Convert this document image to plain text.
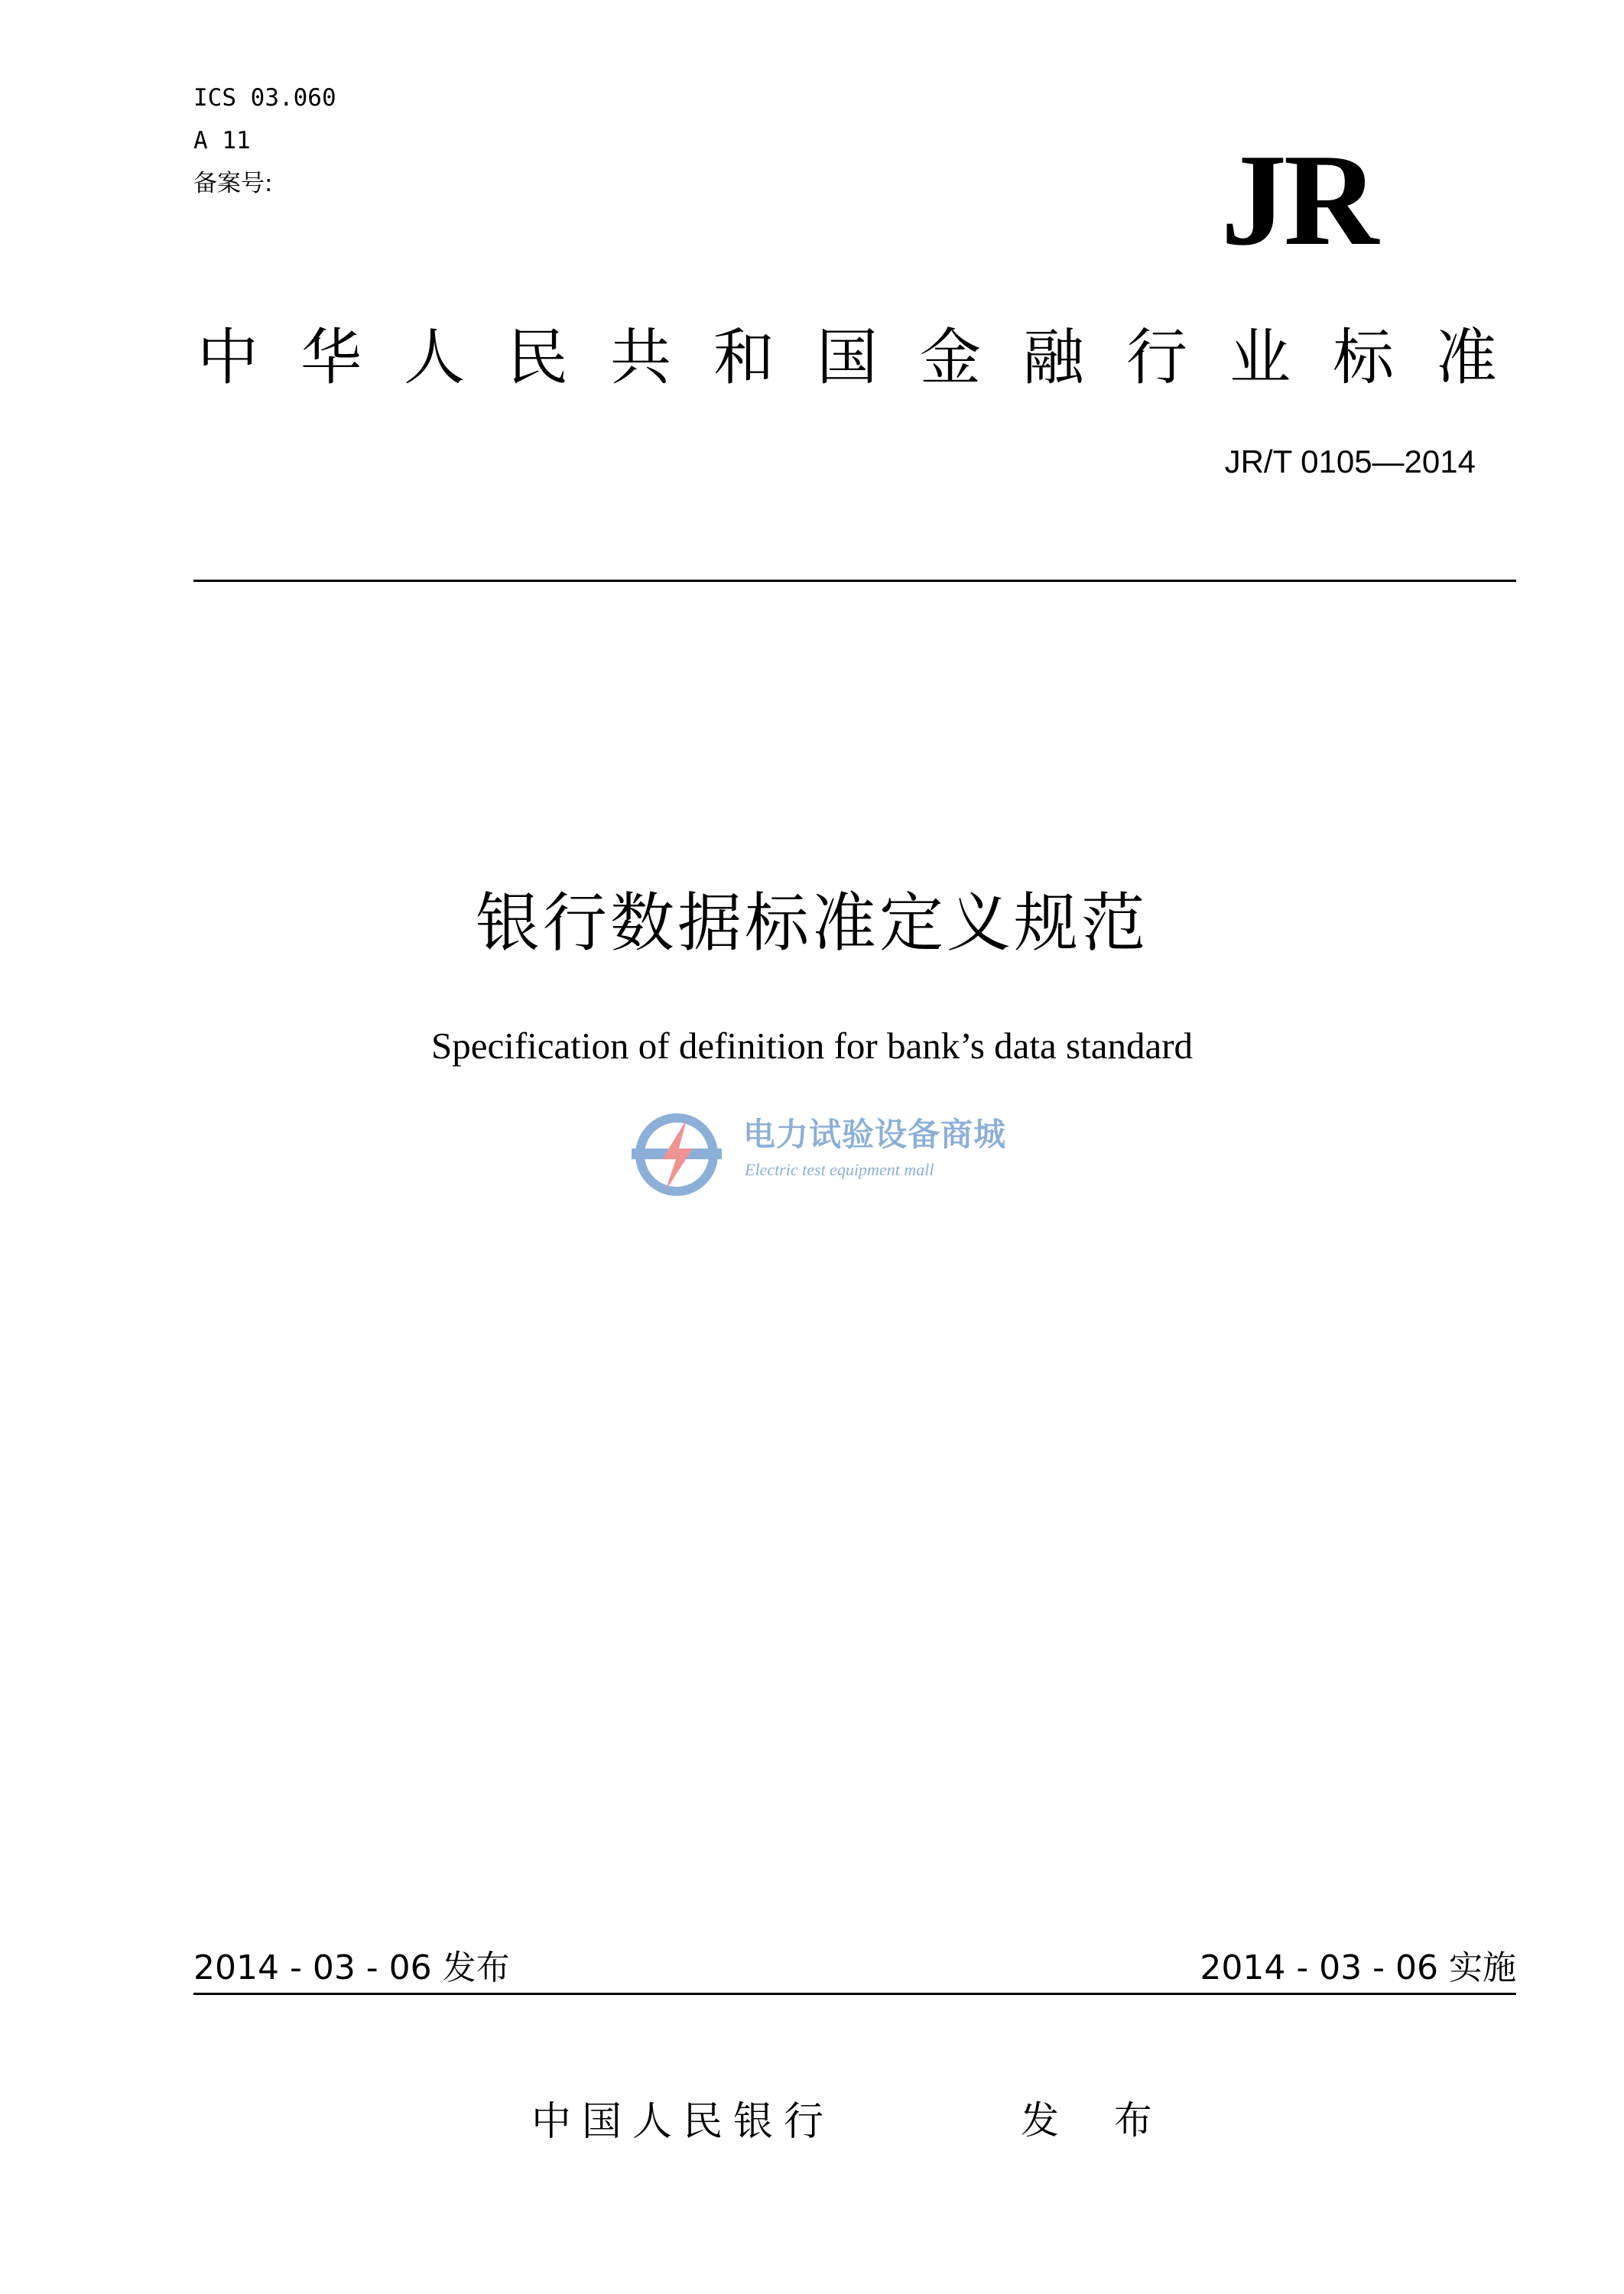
ICS 03.060
A 11
备案号:	JR
中 华 人 民 共 和 国 金 融 行 业 标 准
JR/T 0105—2014
银行数据标准定义规范
Specification of definition for bank’s data standard
电力试验设备商城
Electric test equipment mall
2014 - 03 - 06 发布	2014 - 03 - 06 实施
中国人民银行	发 布
